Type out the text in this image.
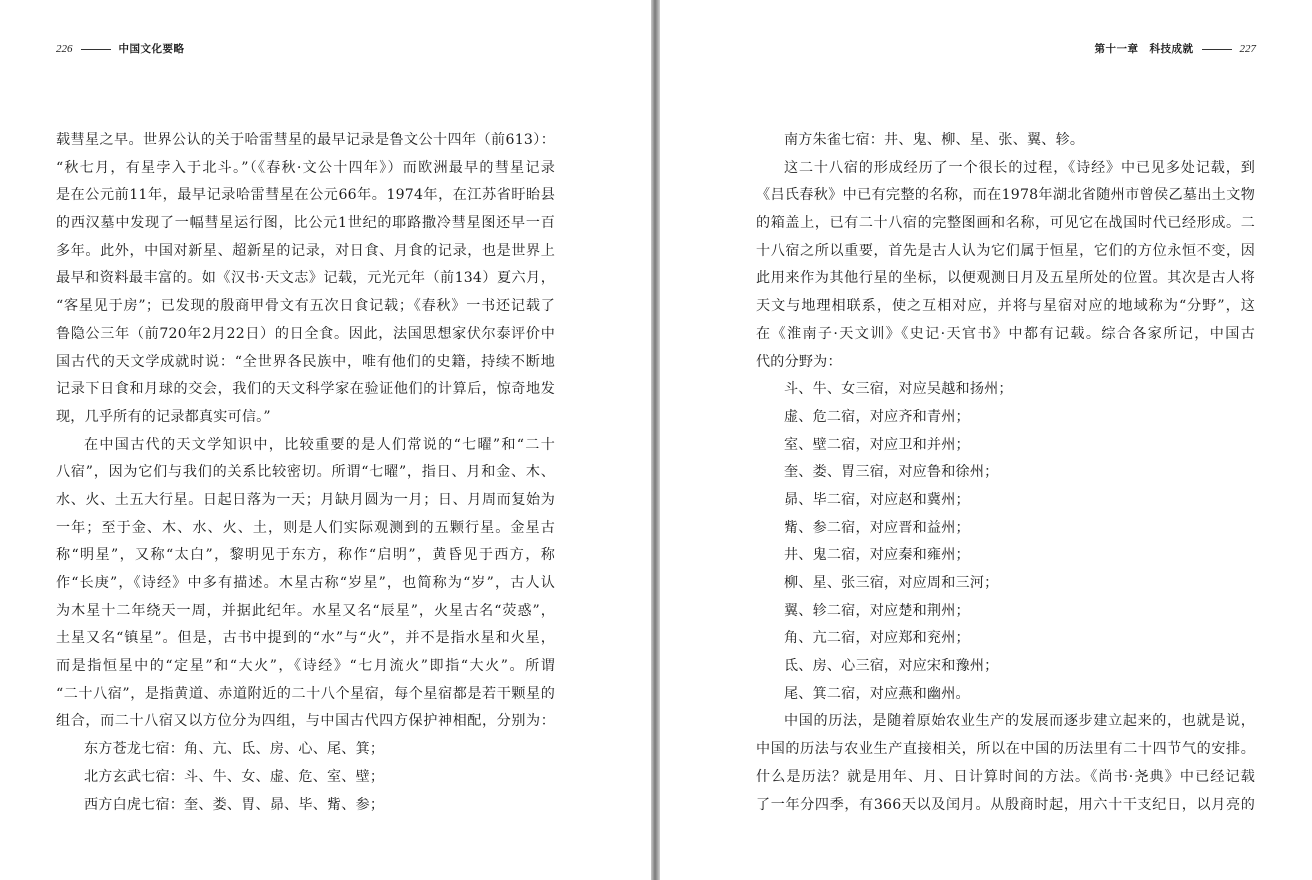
226	中国文化要略
载彗星之早。世界公认的关于哈雷彗星的最早记录是鲁文公十四年（前613）：
“秋七月，有星孛入于北斗。”（《春秋·文公十四年》）而欧洲最早的彗星记录
是在公元前11年，最早记录哈雷彗星在公元66年。1974年，在江苏省盱眙县
的西汉墓中发现了一幅彗星运行图，比公元1世纪的耶路撒冷彗星图还早一百
多年。此外，中国对新星、超新星的记录，对日食、月食的记录，也是世界上
最早和资料最丰富的。如《汉书·天文志》记载，元光元年（前134）夏六月，
“客星见于房”；已发现的殷商甲骨文有五次日食记载；《春秋》一书还记载了
鲁隐公三年（前720年2月22日）的日全食。因此，法国思想家伏尔泰评价中
国古代的天文学成就时说：“全世界各民族中，唯有他们的史籍，持续不断地
记录下日食和月球的交会，我们的天文科学家在验证他们的计算后，惊奇地发
现，几乎所有的记录都真实可信。”
在中国古代的天文学知识中，比较重要的是人们常说的“七曜”和“二十
八宿”，因为它们与我们的关系比较密切。所谓“七曜”，指日、月和金、木、
水、火、土五大行星。日起日落为一天；月缺月圆为一月；日、月周而复始为
一年；至于金、木、水、火、土，则是人们实际观测到的五颗行星。金星古
称“明星”，又称“太白”，黎明见于东方，称作“启明”，黄昏见于西方，称
作“长庚”，《诗经》中多有描述。木星古称“岁星”，也简称为“岁”，古人认
为木星十二年绕天一周，并据此纪年。水星又名“辰星”，火星古名“荧惑”，
土星又名“镇星”。但是，古书中提到的“水”与“火”，并不是指水星和火星，
而是指恒星中的“定星”和“大火”，《诗经》“七月流火”即指“大火”。所谓
“二十八宿”，是指黄道、赤道附近的二十八个星宿，每个星宿都是若干颗星的
组合，而二十八宿又以方位分为四组，与中国古代四方保护神相配，分别为：
东方苍龙七宿：角、亢、氐、房、心、尾、箕；
北方玄武七宿：斗、牛、女、虚、危、室、壁；
西方白虎七宿：奎、娄、胃、昴、毕、觜、参；
第十一章　科技成就	227
南方朱雀七宿：井、鬼、柳、星、张、翼、轸。
这二十八宿的形成经历了一个很长的过程，《诗经》中已见多处记载，到
《吕氏春秋》中已有完整的名称，而在1978年湖北省随州市曾侯乙墓出土文物
的箱盖上，已有二十八宿的完整图画和名称，可见它在战国时代已经形成。二
十八宿之所以重要，首先是古人认为它们属于恒星，它们的方位永恒不变，因
此用来作为其他行星的坐标，以便观测日月及五星所处的位置。其次是古人将
天文与地理相联系，使之互相对应，并将与星宿对应的地域称为“分野”，这
在《淮南子·天文训》《史记·天官书》中都有记载。综合各家所记，中国古
代的分野为：
斗、牛、女三宿，对应吴越和扬州；
虚、危二宿，对应齐和青州；
室、壁二宿，对应卫和并州；
奎、娄、胃三宿，对应鲁和徐州；
昴、毕二宿，对应赵和冀州；
觜、参二宿，对应晋和益州；
井、鬼二宿，对应秦和雍州；
柳、星、张三宿，对应周和三河；
翼、轸二宿，对应楚和荆州；
角、亢二宿，对应郑和兖州；
氐、房、心三宿，对应宋和豫州；
尾、箕二宿，对应燕和幽州。
中国的历法，是随着原始农业生产的发展而逐步建立起来的，也就是说，
中国的历法与农业生产直接相关，所以在中国的历法里有二十四节气的安排。
什么是历法？就是用年、月、日计算时间的方法。《尚书·尧典》中已经记载
了一年分四季，有366天以及闰月。从殷商时起，用六十干支纪日，以月亮的
